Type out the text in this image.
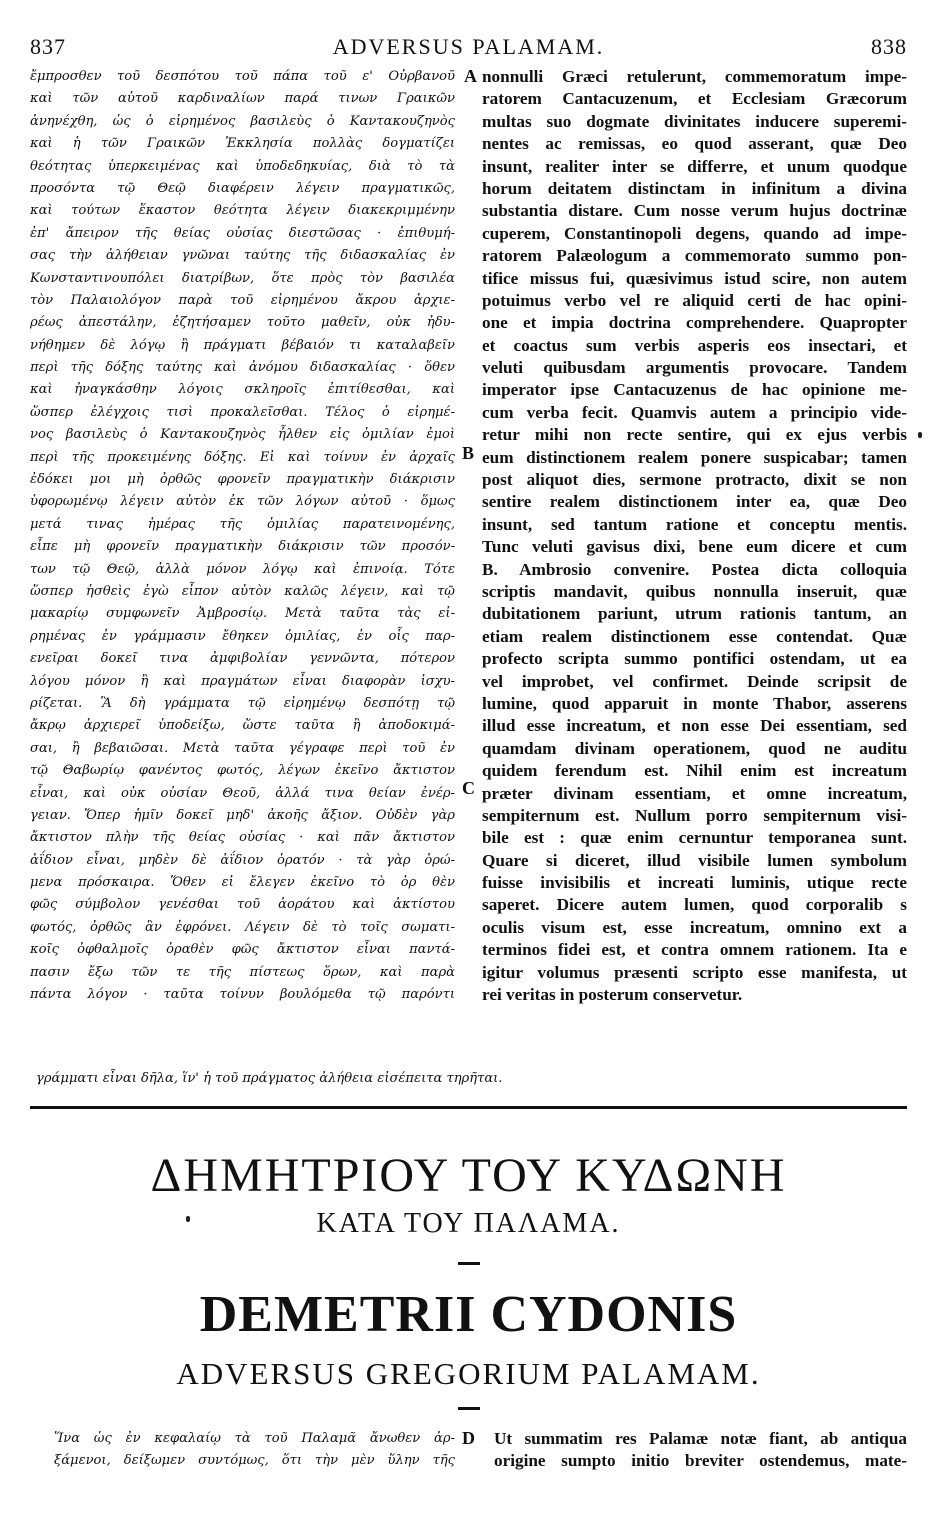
837	ADVERSUS PALAMAM.	838
ἔμπροσθεν τοῦ δεσπότου τοῦ πάπα τοῦ ε' Οὐρβανοῦ
καὶ τῶν αὐτοῦ καρδιναλίων παρά τινων Γραικῶν
ἀνηνέχθη, ὡς ὁ εἰρημένος βασιλεὺς ὁ Καντακουζηνὸς
καὶ ἡ τῶν Γραικῶν Ἐκκλησία πολλὰς δογματίζει
θεότητας ὑπερκειμένας καὶ ὑποδεδηκυίας, διὰ τὸ τὰ
προσόντα τῷ Θεῷ διαφέρειν λέγειν πραγματικῶς,
καὶ τούτων ἕκαστον θεότητα λέγειν διακεκριμμένην
ἐπ' ἄπειρον τῆς θείας οὐσίας διεστῶσας · ἐπιθυμή-
σας τὴν ἀλήθειαν γνῶναι ταύτης τῆς διδασκαλίας ἐν
Κωνσταντινουπόλει διατρίβων, ὅτε πρὸς τὸν βασιλέα
τὸν Παλαιολόγον παρὰ τοῦ εἰρημένου ἄκρου ἀρχιε-
ρέως ἀπεστάλην, ἐζητήσαμεν τοῦτο μαθεῖν, οὐκ ἠδυ-
νήθημεν δὲ λόγῳ ἢ πράγματι βέβαιόν τι καταλαβεῖν
περὶ τῆς δόξης ταύτης καὶ ἀνόμου διδασκαλίας · ὅθεν
καὶ ἠναγκάσθην λόγοις σκληροῖς ἐπιτίθεσθαι, καὶ
ὥσπερ ἐλέγχοις τισὶ προκαλεῖσθαι. Τέλος ὁ εἰρημέ-
νος βασιλεὺς ὁ Καντακουζηνὸς ἦλθεν εἰς ὁμιλίαν ἐμοὶ
περὶ τῆς προκειμένης δόξης. Εἰ καὶ τοίνυν ἐν ἀρχαῖς
ἐδόκει μοι μὴ ὀρθῶς φρονεῖν πραγματικὴν διάκρισιν
ὑφορωμένῳ λέγειν αὐτὸν ἐκ τῶν λόγων αὐτοῦ · ὅμως
μετά τινας ἡμέρας τῆς ὁμιλίας παρατεινομένης,
εἶπε μὴ φρονεῖν πραγματικὴν διάκρισιν τῶν προσόν-
των τῷ Θεῷ, ἀλλὰ μόνον λόγῳ καὶ ἐπινοίᾳ. Τότε
ὥσπερ ἡσθεὶς ἐγὼ εἶπον αὐτὸν καλῶς λέγειν, καὶ τῷ
μακαρίῳ συμφωνεῖν Ἀμβροσίῳ. Μετὰ ταῦτα τὰς εἰ-
ρημένας ἐν γράμμασιν ἔθηκεν ὁμιλίας, ἐν οἷς παρ-
ενεῖραι δοκεῖ τινα ἀμφιβολίαν γεννῶντα, πότερον
λόγου μόνον ἢ καὶ πραγμάτων εἶναι διαφορὰν ἰσχυ-
ρίζεται. Ἃ δὴ γράμματα τῷ εἰρημένῳ δεσπότῃ τῷ
ἄκρῳ ἀρχιερεῖ ὑποδείξω, ὥστε ταῦτα ἢ ἀποδοκιμά-
σαι, ἢ βεβαιῶσαι. Μετὰ ταῦτα γέγραφε περὶ τοῦ ἐν
τῷ Θαβωρίῳ φανέντος φωτός, λέγων ἐκεῖνο ἄκτιστον
εἶναι, καὶ οὐκ οὐσίαν Θεοῦ, ἀλλά τινα θείαν ἐνέρ-
γειαν. Ὅπερ ἡμῖν δοκεῖ μηδ' ἀκοῆς ἄξιον. Οὐδὲν γὰρ
ἄκτιστον πλὴν τῆς θείας οὐσίας · καὶ πᾶν ἄκτιστον
ἀΐδιον εἶναι, μηδὲν δὲ ἀΐδιον ὁρατόν · τὰ γὰρ ὁρώ-
μενα πρόσκαιρα. Ὅθεν εἰ ἔλεγεν ἐκεῖνο τὸ ὀρ θὲν
φῶς σύμβολον γενέσθαι τοῦ ἀοράτου καὶ ἀκτίστου
φωτός, ὀρθῶς ἂν ἐφρόνει. Λέγειν δὲ τὸ τοῖς σωματι-
κοῖς ὀφθαλμοῖς ὁραθὲν φῶς ἄκτιστον εἶναι παντά-
πασιν ἔξω τῶν τε τῆς πίστεως ὅρων, καὶ παρὰ
πάντα λόγον · ταῦτα τοίνυν βουλόμεθα τῷ παρόντι
nonnulli Græci retulerunt, commemoratum impe-
ratorem Cantacuzenum, et Ecclesiam Græcorum
multas suo dogmate divinitates inducere superemi-
nentes ac remissas, eo quod asserant, quæ Deo
insunt, realiter inter se differre, et unum quodque
horum deitatem distinctam in infinitum a divina
substantia distare. Cum nosse verum hujus doctrinæ
cuperem, Constantinopoli degens, quando ad impe-
ratorem Palæologum a commemorato summo pon-
tifice missus fui, quæsivimus istud scire, non autem
potuimus verbo vel re aliquid certi de hac opini-
one et impia doctrina comprehendere. Quapropter
et coactus sum verbis asperis eos insectari, et
veluti quibusdam argumentis provocare. Tandem
imperator ipse Cantacuzenus de hac opinione me-
cum verba fecit. Quamvis autem a principio vide-
retur mihi non recte sentire, qui ex ejus verbis
eum distinctionem realem ponere suspicabar; tamen
post aliquot dies, sermone protracto, dixit se non
sentire realem distinctionem inter ea, quæ Deo
insunt, sed tantum ratione et conceptu mentis.
Tunc veluti gavisus dixi, bene eum dicere et cum
B. Ambrosio convenire. Postea dicta colloquia
scriptis mandavit, quibus nonnulla inseruit, quæ
dubitationem pariunt, utrum rationis tantum, an
etiam realem distinctionem esse contendat. Quæ
profecto scripta summo pontifici ostendam, ut ea
vel improbet, vel confirmet. Deinde scripsit de
lumine, quod apparuit in monte Thabor, asserens
illud esse increatum, et non esse Dei essentiam, sed
quamdam divinam operationem, quod ne auditu
quidem ferendum est. Nihil enim est increatum
præter divinam essentiam, et omne increatum,
sempiternum est. Nullum porro sempiternum visi-
bile est : quæ enim cernuntur temporanea sunt.
Quare si diceret, illud visibile lumen symbolum
fuisse invisibilis et increati luminis, utique recte
saperet. Dicere autem lumen, quod corporalib s
oculis visum est, esse increatum, omnino ext a
terminos fidei est, et contra omnem rationem. Ita e
igitur volumus præsenti scripto esse manifesta, ut
rei veritas in posterum conservetur.
A
B
C
γράμματι εἶναι δῆλα, ἵν' ἡ τοῦ πράγματος ἀλήθεια εἰσέπειτα τηρῆται.
ΔΗΜΗΤΡΙΟΥ ΤΟΥ ΚΥΔΩΝΗ
ΚΑΤΑ ΤΟΥ ΠΑΛΑΜΑ.
DEMETRII CYDONIS
ADVERSUS GREGORIUM PALAMAM.
Ἵνα ὡς ἐν κεφαλαίῳ τὰ τοῦ Παλαμᾶ ἄνωθεν ἀρ-
ξάμενοι, δείξωμεν συντόμως, ὅτι τὴν μὲν ὕλην τῆς
D Ut summatim res Palamæ notæ fiant, ab antiqua
origine sumpto initio breviter ostendemus, mate-
